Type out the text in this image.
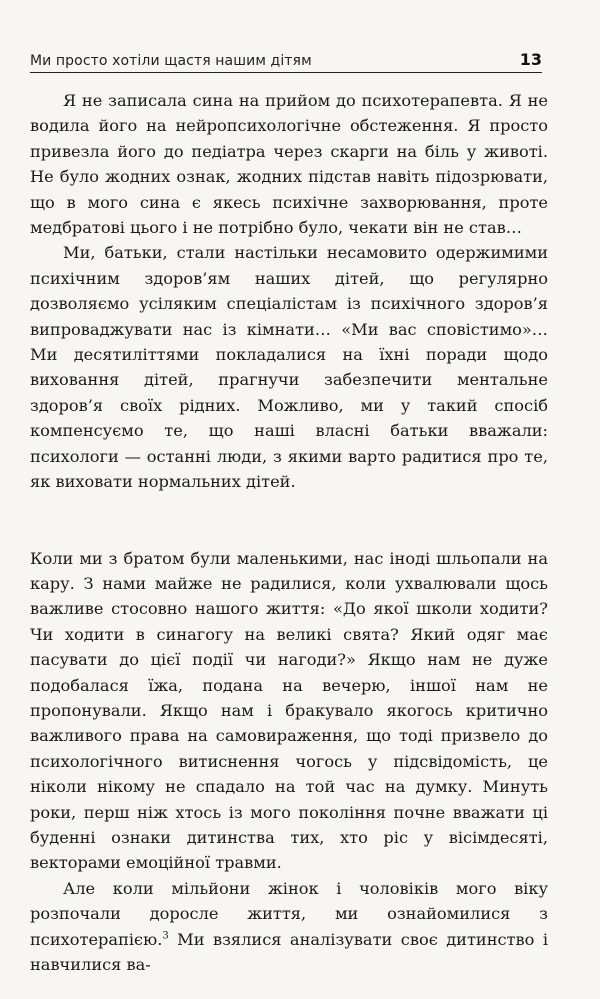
Ми просто хотіли щастя нашим дітям	13

Я не записала сина на прийом до психотерапевта. Я не водила його на нейропсихологічне обстеження. Я просто привезла його до педіатра через скарги на біль у животі. Не було жодних ознак, жодних підстав навіть підозрювати, що в мого сина є якесь психічне захворювання, проте медбратові цього і не потрібно було, чекати він не став…

Ми, батьки, стали настільки несамовито одержимими психічним здоров’ям наших дітей, що регулярно дозволяємо усіляким спеціалістам із психічного здоров’я випроваджувати нас із кімнати… «Ми вас сповістимо»… Ми десятиліттями покладалися на їхні поради щодо виховання дітей, прагнучи забезпечити ментальне здоров’я своїх рідних. Можливо, ми у такий спосіб компенсуємо те, що наші власні батьки вважали: психологи — останні люди, з якими варто радитися про те, як виховати нормальних дітей.

Коли ми з братом були маленькими, нас іноді шльопали на кару. З нами майже не радилися, коли ухвалювали щось важливе стосовно нашого життя: «До якої школи ходити? Чи ходити в синагогу на великі свята? Який одяг має пасувати до цієї події чи нагоди?» Якщо нам не дуже подобалася їжа, подана на вечерю, іншої нам не пропонували. Якщо нам і бракувало якогось критично важливого права на самовираження, що тоді призвело до психологічного витиснення чогось у підсвідомість, це ніколи нікому не спадало на той час на думку. Минуть роки, перш ніж хтось із мого покоління почне вважати ці буденні ознаки дитинства тих, хто ріс у вісімдесяті, векторами емоційної травми.

Але коли мільйони жінок і чоловіків мого віку розпочали доросле життя, ми ознайомилися з психотерапією.$^3$ Ми взялися аналізувати своє дитинство і навчилися ва-
